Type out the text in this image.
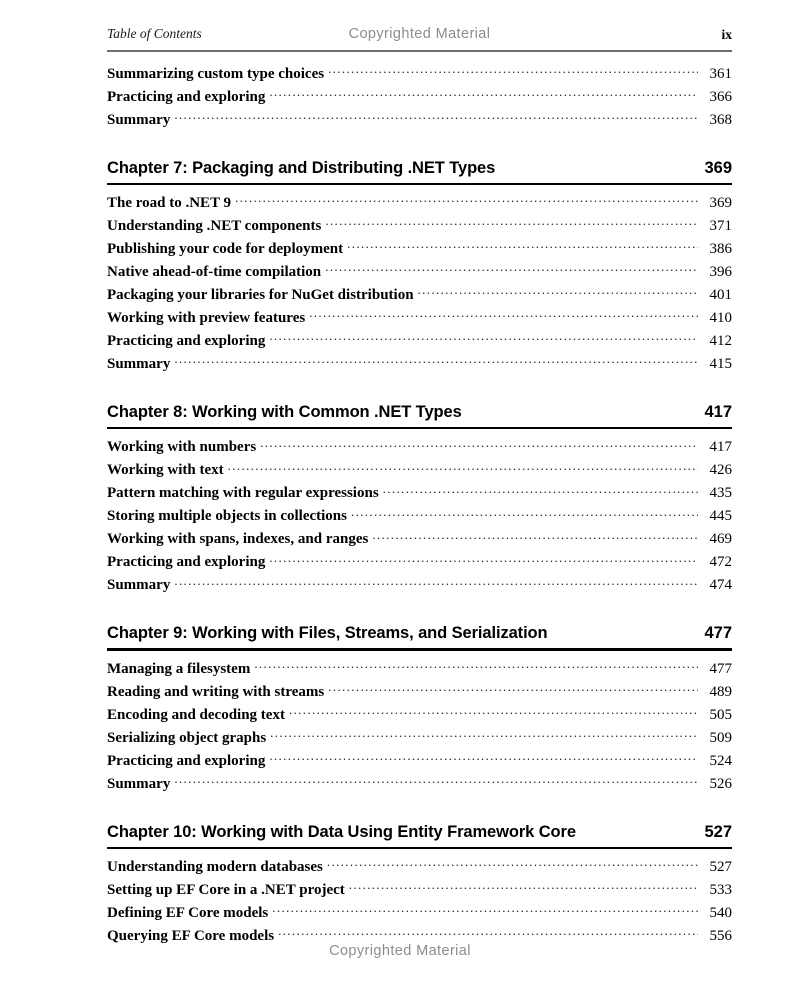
Table of Contents	Copyrighted Material	ix
Summarizing custom type choices .....	361
Practicing and exploring .....	366
Summary .....	368
Chapter 7: Packaging and Distributing .NET Types	369
The road to .NET 9 .....	369
Understanding .NET components .....	371
Publishing your code for deployment .....	386
Native ahead-of-time compilation .....	396
Packaging your libraries for NuGet distribution .....	401
Working with preview features .....	410
Practicing and exploring .....	412
Summary .....	415
Chapter 8: Working with Common .NET Types	417
Working with numbers .....	417
Working with text .....	426
Pattern matching with regular expressions .....	435
Storing multiple objects in collections .....	445
Working with spans, indexes, and ranges .....	469
Practicing and exploring .....	472
Summary .....	474
Chapter 9: Working with Files, Streams, and Serialization	477
Managing a filesystem .....	477
Reading and writing with streams .....	489
Encoding and decoding text .....	505
Serializing object graphs .....	509
Practicing and exploring .....	524
Summary .....	526
Chapter 10: Working with Data Using Entity Framework Core	527
Understanding modern databases .....	527
Setting up EF Core in a .NET project .....	533
Defining EF Core models .....	540
Querying EF Core models .....	556
Copyrighted Material
